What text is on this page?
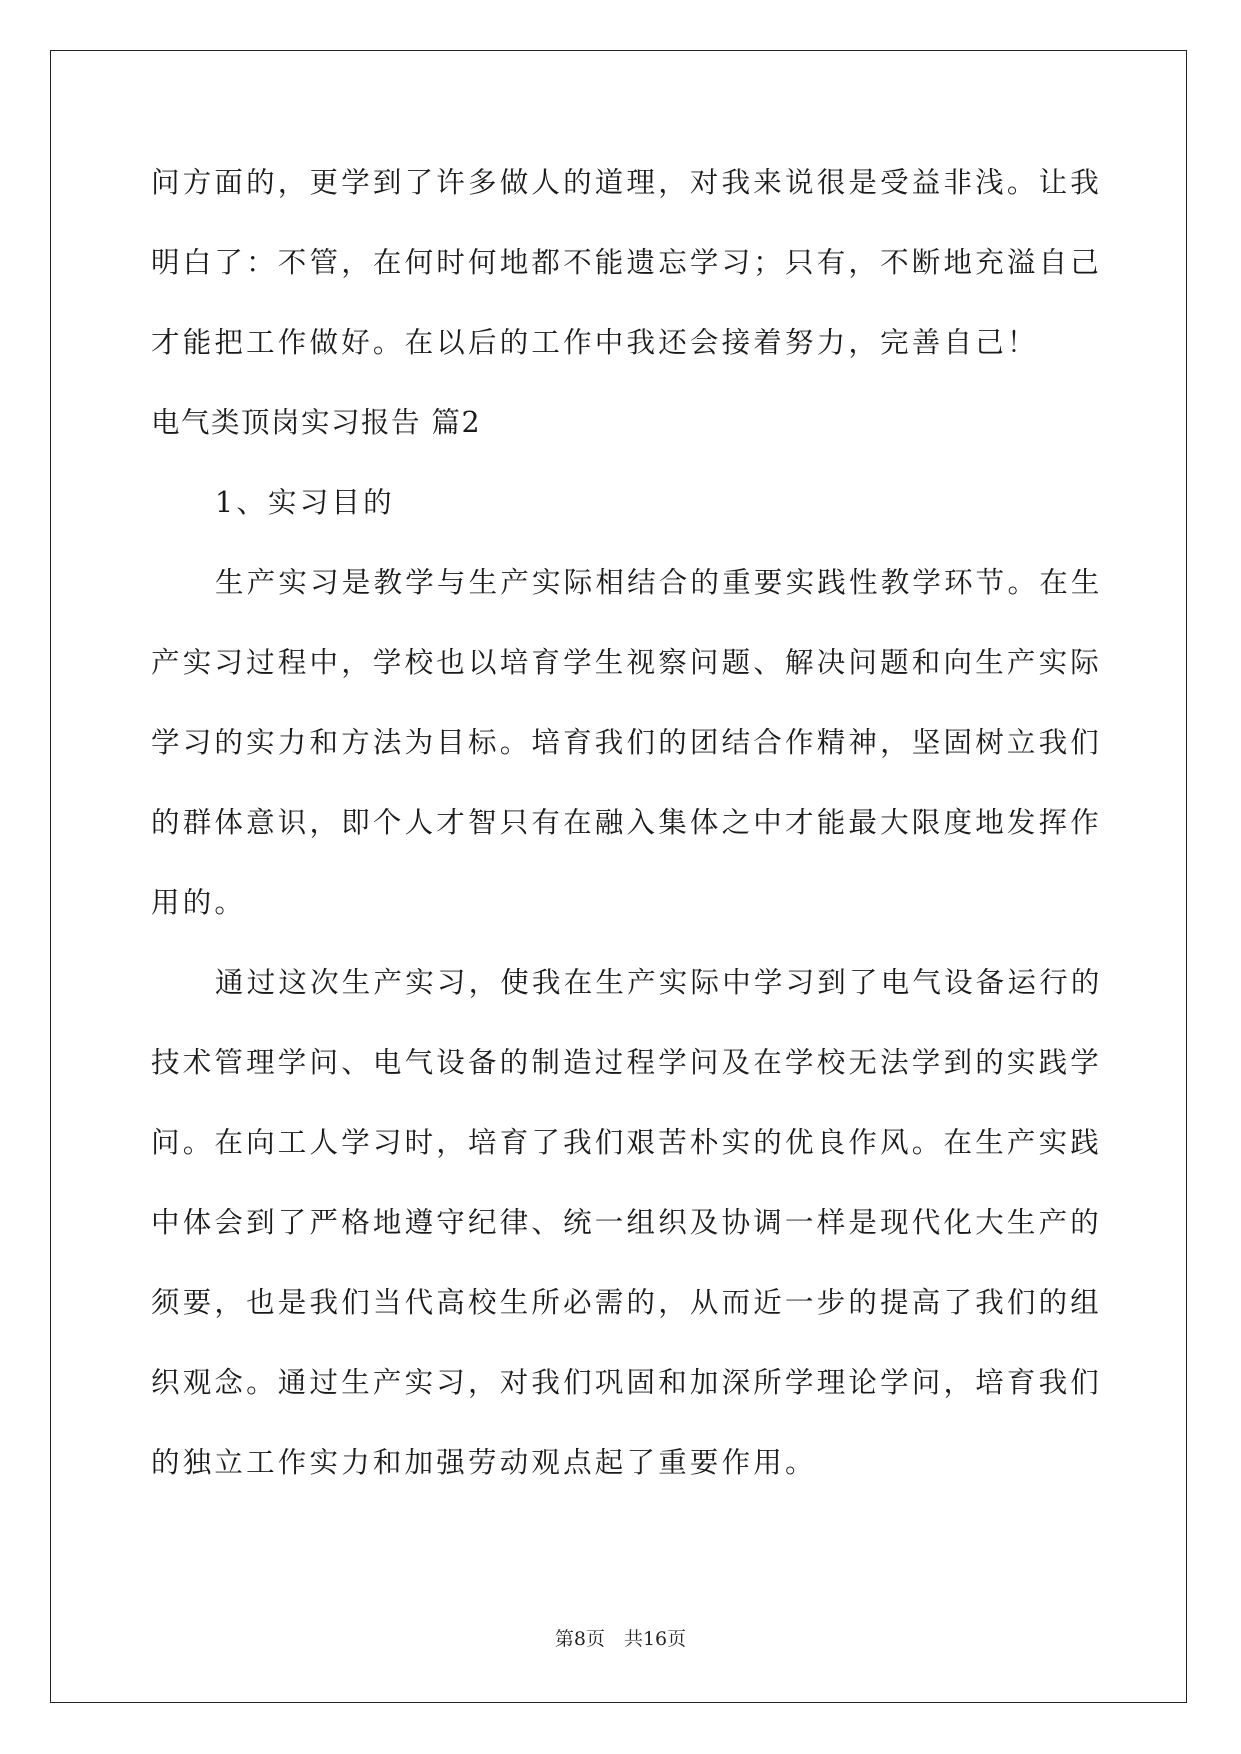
问方面的，更学到了许多做人的道理，对我来说很是受益非浅。让我

明白了：不管，在何时何地都不能遗忘学习；只有，不断地充溢自己

才能把工作做好。在以后的工作中我还会接着努力，完善自己！

电气类顶岗实习报告 篇2

1、实习目的

生产实习是教学与生产实际相结合的重要实践性教学环节。在生

产实习过程中，学校也以培育学生视察问题、解决问题和向生产实际

学习的实力和方法为目标。培育我们的团结合作精神，坚固树立我们

的群体意识，即个人才智只有在融入集体之中才能最大限度地发挥作

用的。

通过这次生产实习，使我在生产实际中学习到了电气设备运行的

技术管理学问、电气设备的制造过程学问及在学校无法学到的实践学

问。在向工人学习时，培育了我们艰苦朴实的优良作风。在生产实践

中体会到了严格地遵守纪律、统一组织及协调一样是现代化大生产的

须要，也是我们当代高校生所必需的，从而近一步的提高了我们的组

织观念。通过生产实习，对我们巩固和加深所学理论学问，培育我们

的独立工作实力和加强劳动观点起了重要作用。

第8页　共16页
